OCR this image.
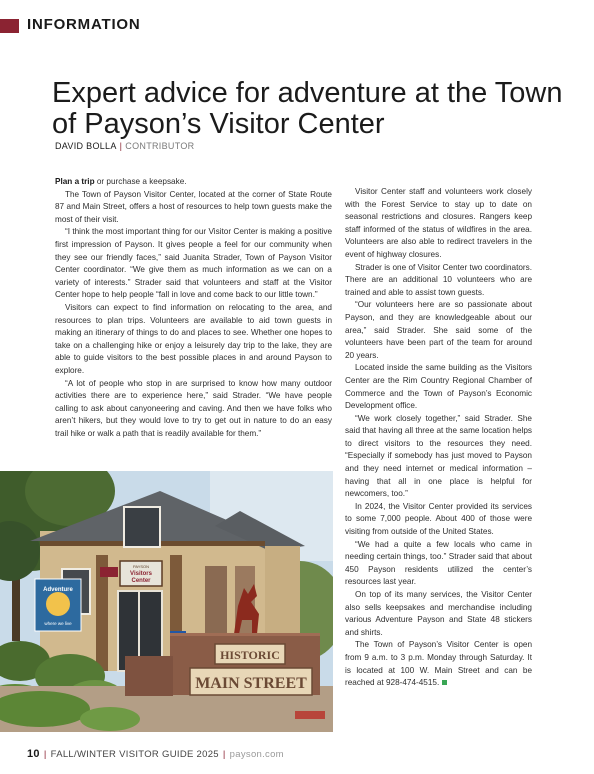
INFORMATION
Expert advice for adventure at the Town of Payson’s Visitor Center
DAVID BOLLA | CONTRIBUTOR

Plan a trip or purchase a keepsake.

The Town of Payson Visitor Center, located at the corner of State Route 87 and Main Street, offers a host of resources to help town guests make the most of their visit.

“I think the most important thing for our Visitor Center is making a positive first impression of Payson. It gives people a feel for our community when they see our friendly faces,” said Juanita Strader, Town of Payson Visitor Center coordinator. “We give them as much information as we can on a variety of interests.” Strader said that volunteers and staff at the Visitor Center hope to help people “fall in love and come back to our little town.”

Visitors can expect to find information on relocating to the area, and resources to plan trips. Volunteers are available to aid town guests in making an itinerary of things to do and places to see. Whether one hopes to take on a challenging hike or enjoy a leisurely day trip to the lake, they are able to guide visitors to the best possible places in and around Payson to explore.

“A lot of people who stop in are surprised to know how many outdoor activities there are to experience here,” said Strader. “We have people calling to ask about canyoneering and caving. And then we have folks who aren’t hikers, but they would love to try to get out in nature to do an easy trail hike or walk a path that is readily available for them.”

Visitor Center staff and volunteers work closely with the Forest Service to stay up to date on seasonal restrictions and closures. Rangers keep staff informed of the status of wildfires in the area. Volunteers are also able to redirect travelers in the event of highway closures.

Strader is one of Visitor Center two coordinators. There are an additional 10 volunteers who are trained and able to assist town guests.

“Our volunteers here are so passionate about Payson, and they are knowledgeable about our area,” said Strader. She said some of the volunteers have been part of the team for around 20 years.

Located inside the same building as the Visitors Center are the Rim Country Regional Chamber of Commerce and the Town of Payson’s Economic Development office.

“We work closely together,” said Strader. She said that having all three at the same location helps to direct visitors to the resources they need. “Especially if somebody has just moved to Payson and they need internet or medical information – having that all in one place is helpful for newcomers, too.”

In 2024, the Visitor Center provided its services to some 7,000 people. About 400 of those were visiting from outside of the United States.

“We had a quite a few locals who came in needing certain things, too.” Strader said that about 450 Payson residents utilized the center’s resources last year.

On top of its many services, the Visitor Center also sells keepsakes and merchandise including various Adventure Payson and State 48 stickers and shirts.

The Town of Payson’s Visitor Center is open from 9 a.m. to 3 p.m. Monday through Saturday. It is located at 100 W. Main Street and can be reached at 928-474-4515.

PAYSON
Visitors
Center
Adventure
where we live
HISTORIC
MAIN STREET
10 | FALL/WINTER VISITOR GUIDE 2025 | payson.com
